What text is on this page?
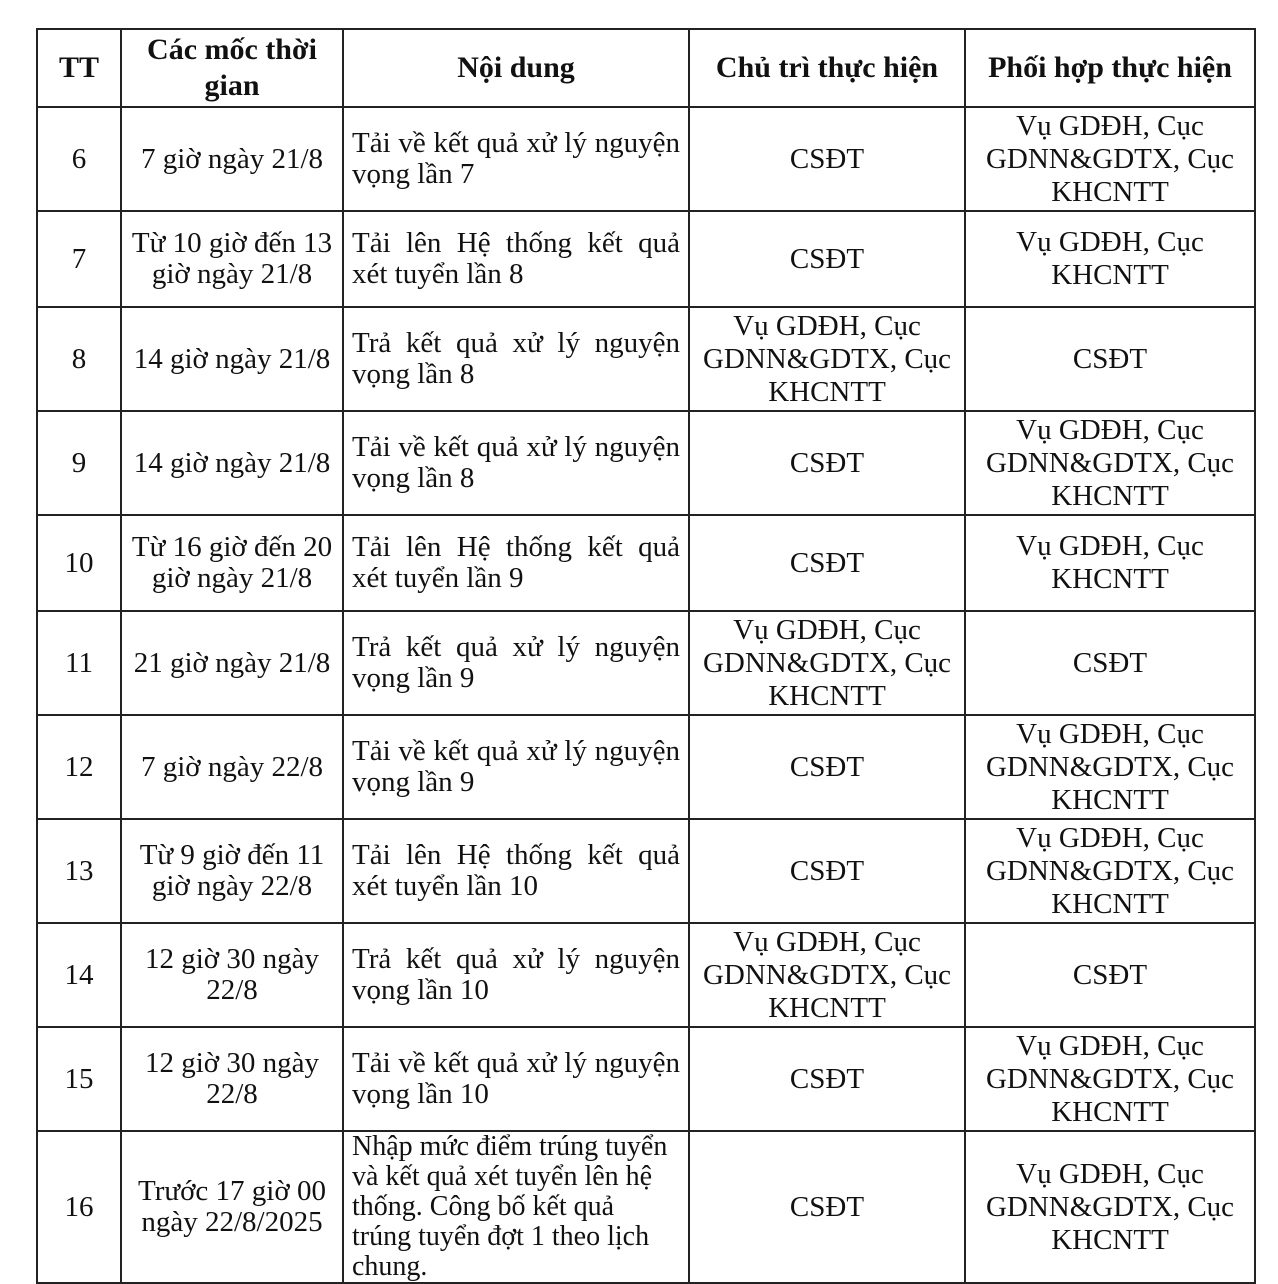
TT	Các mốc thời gian	Nội dung	Chủ trì thực hiện	Phối hợp thực hiện
6	7 giờ ngày 21/8	Tải về kết quả xử lý nguyện vọng lần 7	CSĐT	Vụ GDĐH, Cục GDNN&GDTX, Cục KHCNTT
7	Từ 10 giờ đến 13 giờ ngày 21/8	Tải lên Hệ thống kết quả xét tuyển lần 8	CSĐT	Vụ GDĐH, Cục KHCNTT
8	14 giờ ngày 21/8	Trả kết quả xử lý nguyện vọng lần 8	Vụ GDĐH, Cục GDNN&GDTX, Cục KHCNTT	CSĐT
9	14 giờ ngày 21/8	Tải về kết quả xử lý nguyện vọng lần 8	CSĐT	Vụ GDĐH, Cục GDNN&GDTX, Cục KHCNTT
10	Từ 16 giờ đến 20 giờ ngày 21/8	Tải lên Hệ thống kết quả xét tuyển lần 9	CSĐT	Vụ GDĐH, Cục KHCNTT
11	21 giờ ngày 21/8	Trả kết quả xử lý nguyện vọng lần 9	Vụ GDĐH, Cục GDNN&GDTX, Cục KHCNTT	CSĐT
12	7 giờ ngày 22/8	Tải về kết quả xử lý nguyện vọng lần 9	CSĐT	Vụ GDĐH, Cục GDNN&GDTX, Cục KHCNTT
13	Từ 9 giờ đến 11 giờ ngày 22/8	Tải lên Hệ thống kết quả xét tuyển lần 10	CSĐT	Vụ GDĐH, Cục GDNN&GDTX, Cục KHCNTT
14	12 giờ 30 ngày 22/8	Trả kết quả xử lý nguyện vọng lần 10	Vụ GDĐH, Cục GDNN&GDTX, Cục KHCNTT	CSĐT
15	12 giờ 30 ngày 22/8	Tải về kết quả xử lý nguyện vọng lần 10	CSĐT	Vụ GDĐH, Cục GDNN&GDTX, Cục KHCNTT
16	Trước 17 giờ 00 ngày 22/8/2025	Nhập mức điểm trúng tuyển và kết quả xét tuyển lên hệ thống. Công bố kết quả trúng tuyển đợt 1 theo lịch chung.	CSĐT	Vụ GDĐH, Cục GDNN&GDTX, Cục KHCNTT
